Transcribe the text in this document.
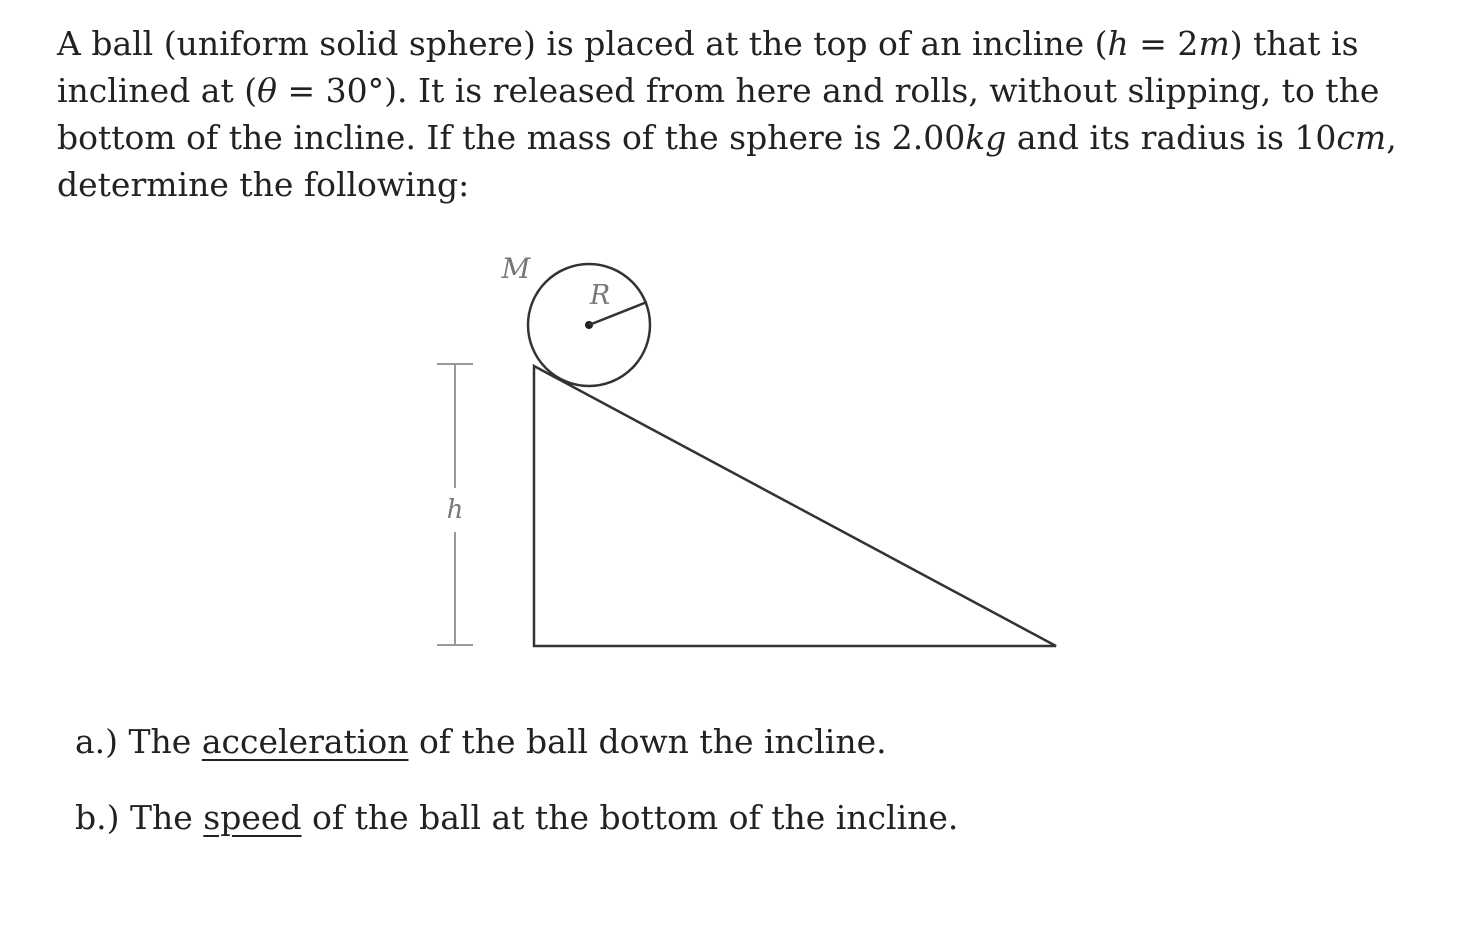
A ball (uniform solid sphere) is placed at the top of an incline (h = 2m) that is
inclined at (θ = 30°). It is released from here and rolls, without slipping, to the
bottom of the incline. If the mass of the sphere is 2.00kg and its radius is 10cm,
determine the following:
h
R
M
a.) The acceleration of the ball down the incline.
b.) The speed of the ball at the bottom of the incline.
